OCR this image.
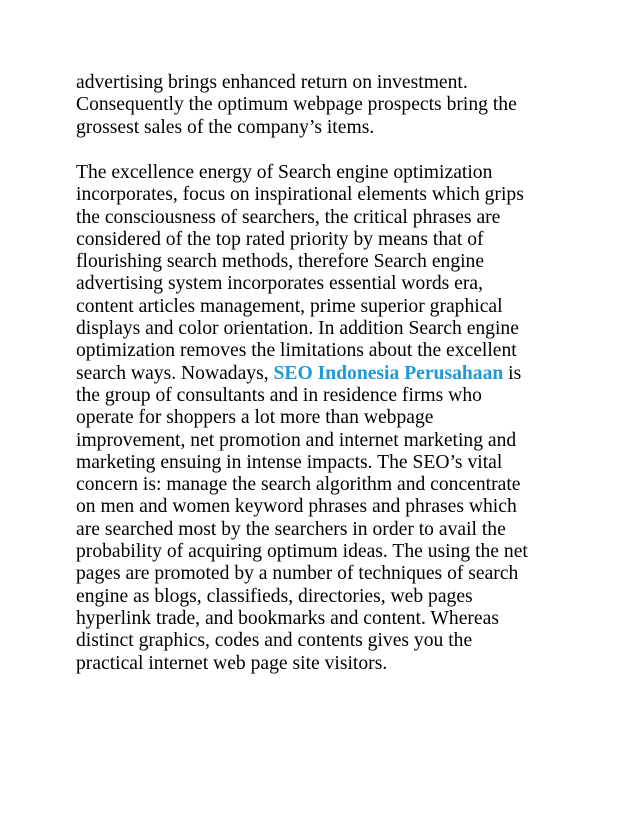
advertising brings enhanced return on investment.
Consequently the optimum webpage prospects bring the
grossest sales of the company’s items.
The excellence energy of Search engine optimization
incorporates, focus on inspirational elements which grips
the consciousness of searchers, the critical phrases are
considered of the top rated priority by means that of
flourishing search methods, therefore Search engine
advertising system incorporates essential words era,
content articles management, prime superior graphical
displays and color orientation. In addition Search engine
optimization removes the limitations about the excellent
search ways. Nowadays, SEO Indonesia Perusahaan is
the group of consultants and in residence firms who
operate for shoppers a lot more than webpage
improvement, net promotion and internet marketing and
marketing ensuing in intense impacts. The SEO’s vital
concern is: manage the search algorithm and concentrate
on men and women keyword phrases and phrases which
are searched most by the searchers in order to avail the
probability of acquiring optimum ideas. The using the net
pages are promoted by a number of techniques of search
engine as blogs, classifieds, directories, web pages
hyperlink trade, and bookmarks and content. Whereas
distinct graphics, codes and contents gives you the
practical internet web page site visitors.
